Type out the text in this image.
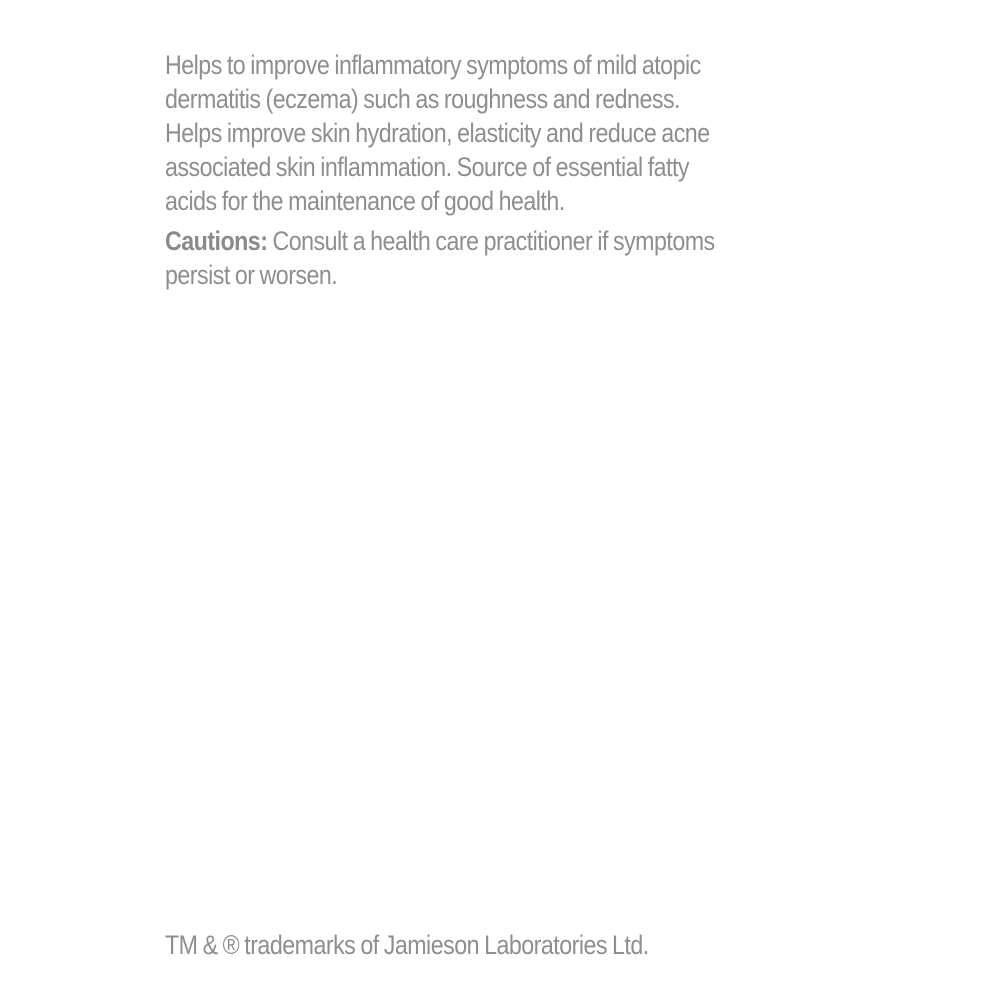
Helps to improve inflammatory symptoms of mild atopic
dermatitis (eczema) such as roughness and redness.
Helps improve skin hydration, elasticity and reduce acne
associated skin inflammation. Source of essential fatty
acids for the maintenance of good health.

Cautions: Consult a health care practitioner if symptoms
persist or worsen.

TM & ® trademarks of Jamieson Laboratories Ltd.
